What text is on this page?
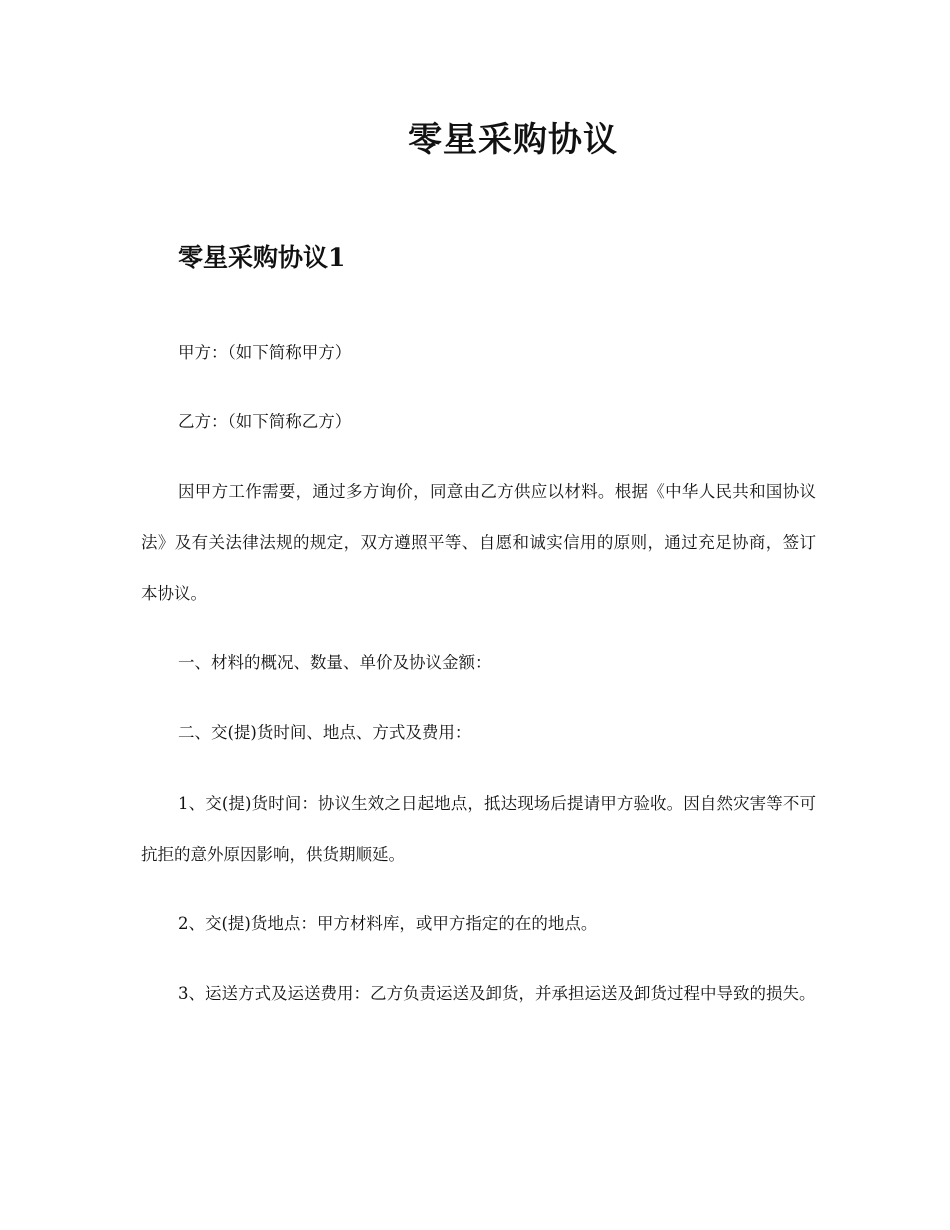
零星采购协议
零星采购协议1

甲方：（如下简称甲方）

乙方：（如下简称乙方）

因甲方工作需要，通过多方询价，同意由乙方供应以材料。根据《中华人民共和国协议法》及有关法律法规的规定，双方遵照平等、自愿和诚实信用的原则，通过充足协商，签订本协议。

一、材料的概况、数量、单价及协议金额：

二、交(提)货时间、地点、方式及费用：

1、交(提)货时间：协议生效之日起地点，抵达现场后提请甲方验收。因自然灾害等不可抗拒的意外原因影响，供货期顺延。

2、交(提)货地点：甲方材料库，或甲方指定的在的地点。

3、运送方式及运送费用：乙方负责运送及卸货，并承担运送及卸货过程中导致的损失。
